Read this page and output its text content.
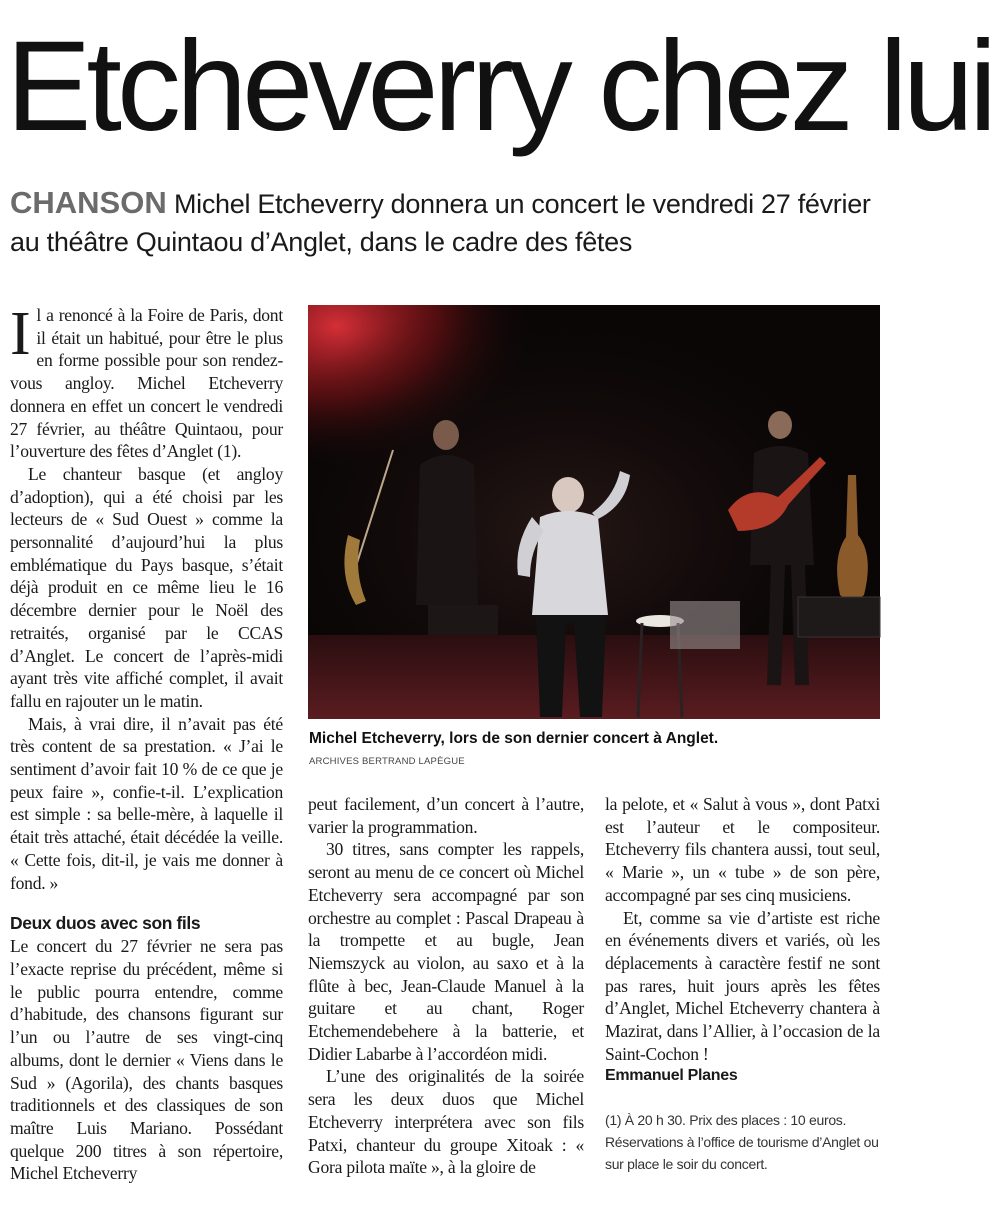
Etcheverry chez lui
CHANSON Michel Etcheverry donnera un concert le vendredi 27 février au théâtre Quintaou d’Anglet, dans le cadre des fêtes

Il a renoncé à la Foire de Paris, dont il était un habitué, pour être le plus en forme possible pour son rendez-vous angloy. Michel Etcheverry donnera en effet un concert le vendredi 27 février, au théâtre Quintaou, pour l’ouverture des fêtes d’Anglet (1).

Le chanteur basque (et angloy d’adoption), qui a été choisi par les lecteurs de « Sud Ouest » comme la personnalité d’aujourd’hui la plus emblématique du Pays basque, s’était déjà produit en ce même lieu le 16 décembre dernier pour le Noël des retraités, organisé par le CCAS d’Anglet. Le concert de l’après-midi ayant très vite affiché complet, il avait fallu en rajouter un le matin.

Mais, à vrai dire, il n’avait pas été très content de sa prestation. « J’ai le sentiment d’avoir fait 10 % de ce que je peux faire », confie-t-il. L’explication est simple : sa belle-mère, à laquelle il était très attaché, était décédée la veille. « Cette fois, dit-il, je vais me donner à fond. »

Deux duos avec son fils

Le concert du 27 février ne sera pas l’exacte reprise du précédent, même si le public pourra entendre, comme d’habitude, des chansons figurant sur l’un ou l’autre de ses vingt-cinq albums, dont le dernier « Viens dans le Sud » (Agorila), des chants basques traditionnels et des classiques de son maître Luis Mariano. Possédant quelque 200 titres à son répertoire, Michel Etcheverry

Michel Etcheverry, lors de son dernier concert à Anglet.
ARCHIVES BERTRAND LAPÈGUE

peut facilement, d’un concert à l’autre, varier la programmation.

30 titres, sans compter les rappels, seront au menu de ce concert où Michel Etcheverry sera accompagné par son orchestre au complet : Pascal Drapeau à la trompette et au bugle, Jean Niemszyck au violon, au saxo et à la flûte à bec, Jean-Claude Manuel à la guitare et au chant, Roger Etchemendebehere à la batterie, et Didier Labarbe à l’accordéon midi.

L’une des originalités de la soirée sera les deux duos que Michel Etcheverry interprétera avec son fils Patxi, chanteur du groupe Xitoak : « Gora pilota maïte », à la gloire de

la pelote, et « Salut à vous », dont Patxi est l’auteur et le compositeur. Etcheverry fils chantera aussi, tout seul, « Marie », un « tube » de son père, accompagné par ses cinq musiciens.

Et, comme sa vie d’artiste est riche en événements divers et variés, où les déplacements à caractère festif ne sont pas rares, huit jours après les fêtes d’Anglet, Michel Etcheverry chantera à Mazirat, dans l’Allier, à l’occasion de la Saint-Cochon !

Emmanuel Planes
(1) À 20 h 30. Prix des places : 10 euros. Réservations à l’office de tourisme d’Anglet ou sur place le soir du concert.
